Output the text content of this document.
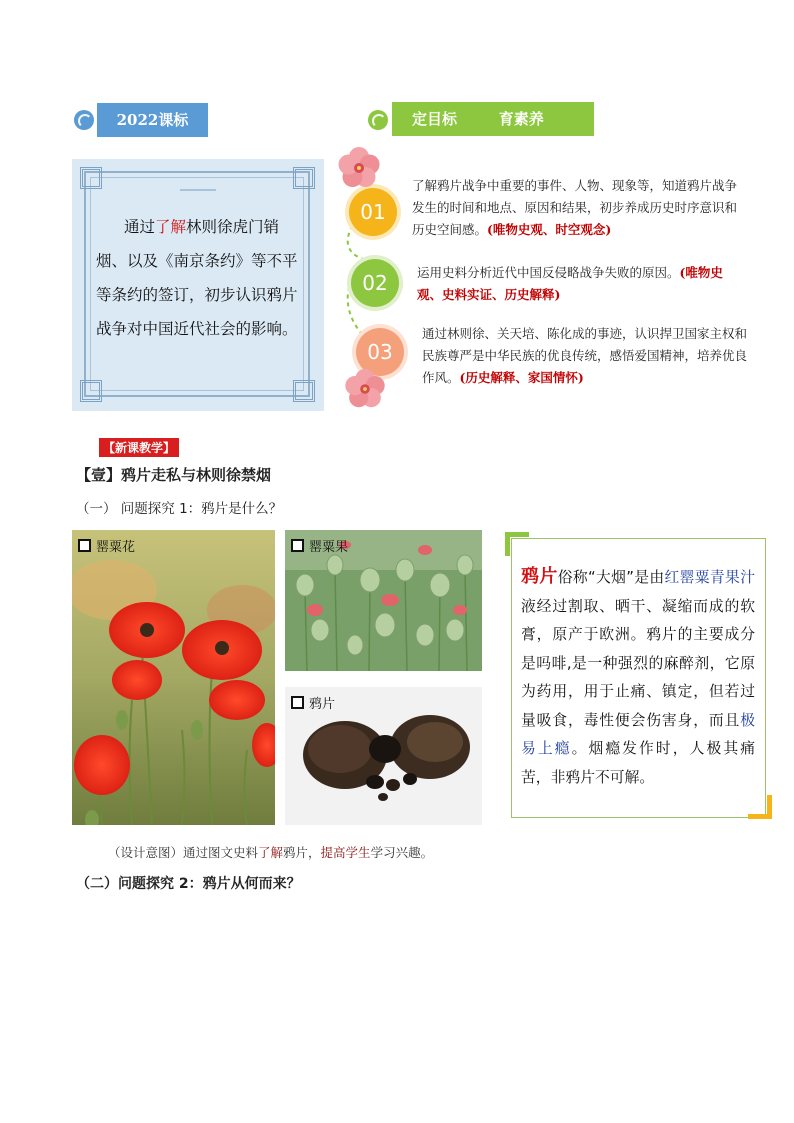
2022课标	定目标        育素养
通过了解林则徐虎门销烟、以及《南京条约》等不平等条约的签订，初步认识鸦片战争对中国近代社会的影响。
01
02
03
了解鸦片战争中重要的事件、人物、现象等，知道鸦片战争发生的时间和地点、原因和结果，初步养成历史时序意识和历史空间感。(唯物史观、时空观念)
运用史料分析近代中国反侵略战争失败的原因。(唯物史观、史料实证、历史解释)
通过林则徐、关天培、陈化成的事迹，认识捍卫国家主权和民族尊严是中华民族的优良传统，感悟爱国精神，培养优良作风。(历史解释、家国情怀)
【新课教学】
【壹】鸦片走私与林则徐禁烟
（一） 问题探究 1：鸦片是什么？
罂粟花	罂粟果
鸦片
鸦片俗称“大烟”是由红罂粟青果汁液经过割取、晒干、凝缩而成的软膏，原产于欧洲。鸦片的主要成分是吗啡,是一种强烈的麻醉剂，它原为药用，用于止痛、镇定，但若过量吸食，毒性便会伤害身，而且极易上瘾。烟瘾发作时，人极其痛苦，非鸦片不可解。
（设计意图）通过图文史料了解鸦片，提高学生学习兴趣。
（二）问题探究 2：鸦片从何而来？
